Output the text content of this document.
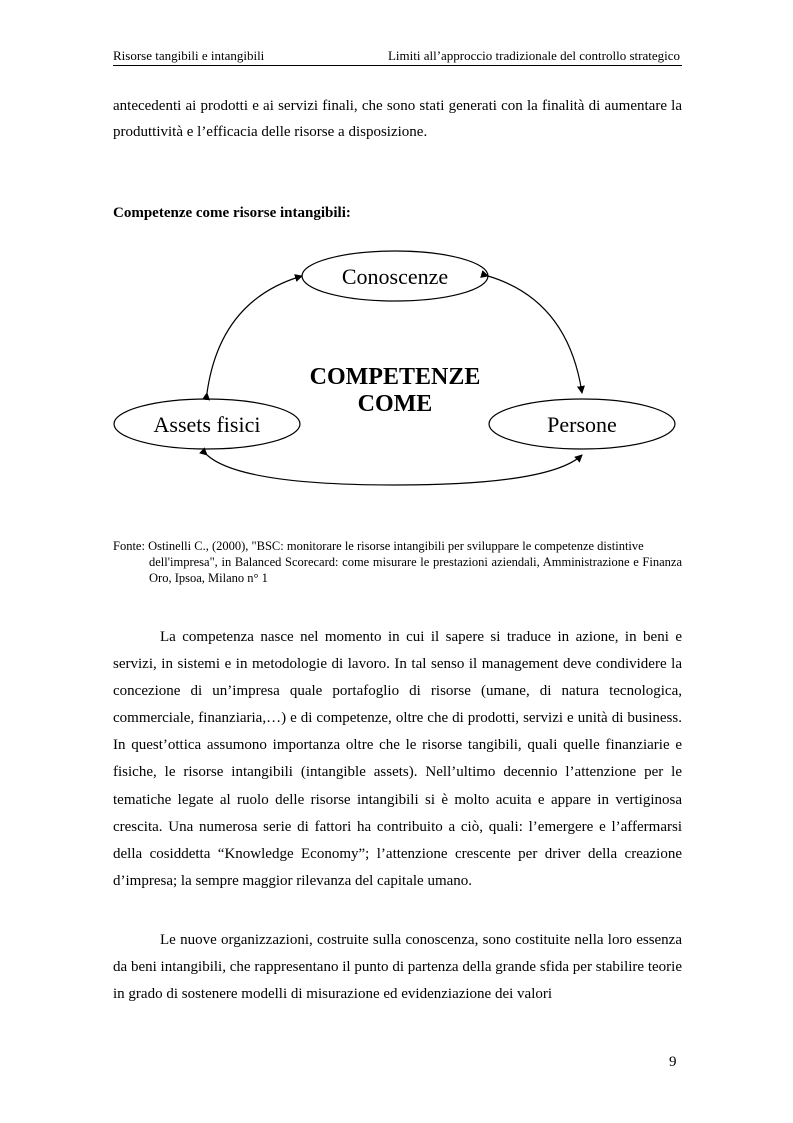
Risorse tangibili e intangibili	Limiti all’approccio tradizionale del controllo strategico

antecedenti ai prodotti e ai servizi finali, che sono stati generati con la finalità di aumentare la produttività e l’efficacia delle risorse a disposizione.

Competenze come risorse intangibili:
Conoscenze
Assets fisici	Persone
COMPETENZE
COME

Fonte: Ostinelli C., (2000), "BSC: monitorare le risorse intangibili per sviluppare le competenze distintive
dell'impresa", in Balanced Scorecard: come misurare le prestazioni aziendali, Amministrazione e Finanza Oro, Ipsoa, Milano n° 1

La competenza nasce nel momento in cui il sapere si traduce in azione, in beni e servizi, in sistemi e in metodologie di lavoro. In tal senso il management deve condividere la concezione di un’impresa quale portafoglio di risorse (umane, di natura tecnologica, commerciale, finanziaria,…) e di competenze, oltre che di prodotti, servizi e unità di business. In quest’ottica assumono importanza oltre che le risorse tangibili, quali quelle finanziarie e fisiche, le risorse intangibili (intangible assets). Nell’ultimo decennio l’attenzione per le tematiche legate al ruolo delle risorse intangibili si è molto acuita e appare in vertiginosa crescita. Una numerosa serie di fattori ha contribuito a ciò, quali: l’emergere e l’affermarsi della cosiddetta “Knowledge Economy”; l’attenzione crescente per driver della creazione d’impresa; la sempre maggior rilevanza del capitale umano.

Le nuove organizzazioni, costruite sulla conoscenza, sono costituite nella loro essenza da beni intangibili, che rappresentano il punto di partenza della grande sfida per stabilire teorie in grado di sostenere modelli di misurazione ed evidenziazione dei valori

9
